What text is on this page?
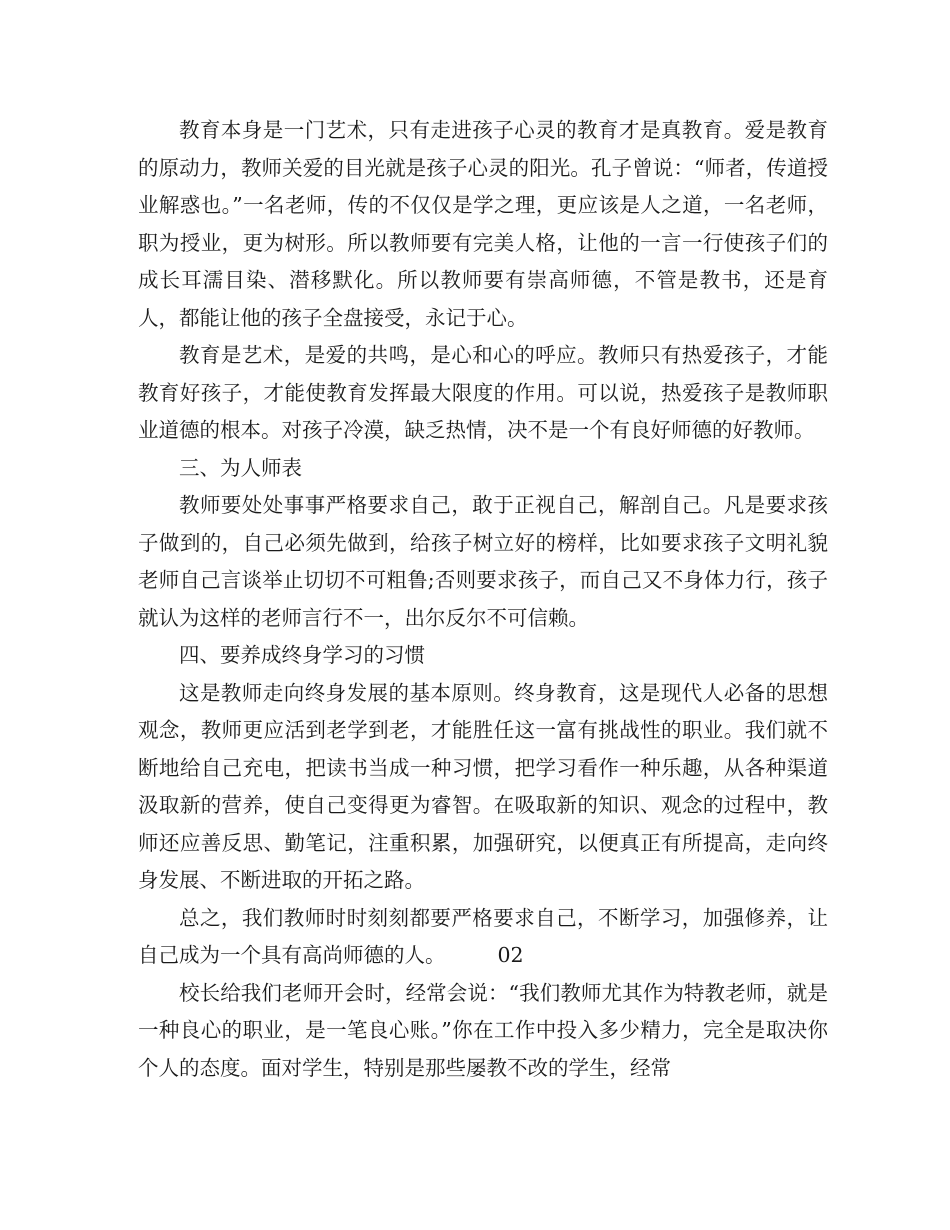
教育本身是一门艺术，只有走进孩子心灵的教育才是真教育。爱是教育的原动力，教师关爱的目光就是孩子心灵的阳光。孔子曾说：“师者，传道授业解惑也。”一名老师，传的不仅仅是学之理，更应该是人之道，一名老师，职为授业，更为树形。所以教师要有完美人格，让他的一言一行使孩子们的成长耳濡目染、潜移默化。所以教师要有崇高师德，不管是教书，还是育人，都能让他的孩子全盘接受，永记于心。

教育是艺术，是爱的共鸣，是心和心的呼应。教师只有热爱孩子，才能教育好孩子，才能使教育发挥最大限度的作用。可以说，热爱孩子是教师职业道德的根本。对孩子冷漠，缺乏热情，决不是一个有良好师德的好教师。

三、为人师表

教师要处处事事严格要求自己，敢于正视自己，解剖自己。凡是要求孩子做到的，自己必须先做到，给孩子树立好的榜样，比如要求孩子文明礼貌老师自己言谈举止切切不可粗鲁;否则要求孩子，而自己又不身体力行，孩子就认为这样的老师言行不一，出尔反尔不可信赖。

四、要养成终身学习的习惯

这是教师走向终身发展的基本原则。终身教育，这是现代人必备的思想观念，教师更应活到老学到老，才能胜任这一富有挑战性的职业。我们就不断地给自己充电，把读书当成一种习惯，把学习看作一种乐趣，从各种渠道汲取新的营养，使自己变得更为睿智。在吸取新的知识、观念的过程中，教师还应善反思、勤笔记，注重积累，加强研究，以便真正有所提高，走向终身发展、不断进取的开拓之路。

总之，我们教师时时刻刻都要严格要求自己，不断学习，加强修养，让自己成为一个具有高尚师德的人。	02

校长给我们老师开会时，经常会说：“我们教师尤其作为特教老师，就是一种良心的职业，是一笔良心账。”你在工作中投入多少精力，完全是取决你个人的态度。面对学生，特别是那些屡教不改的学生，经常
